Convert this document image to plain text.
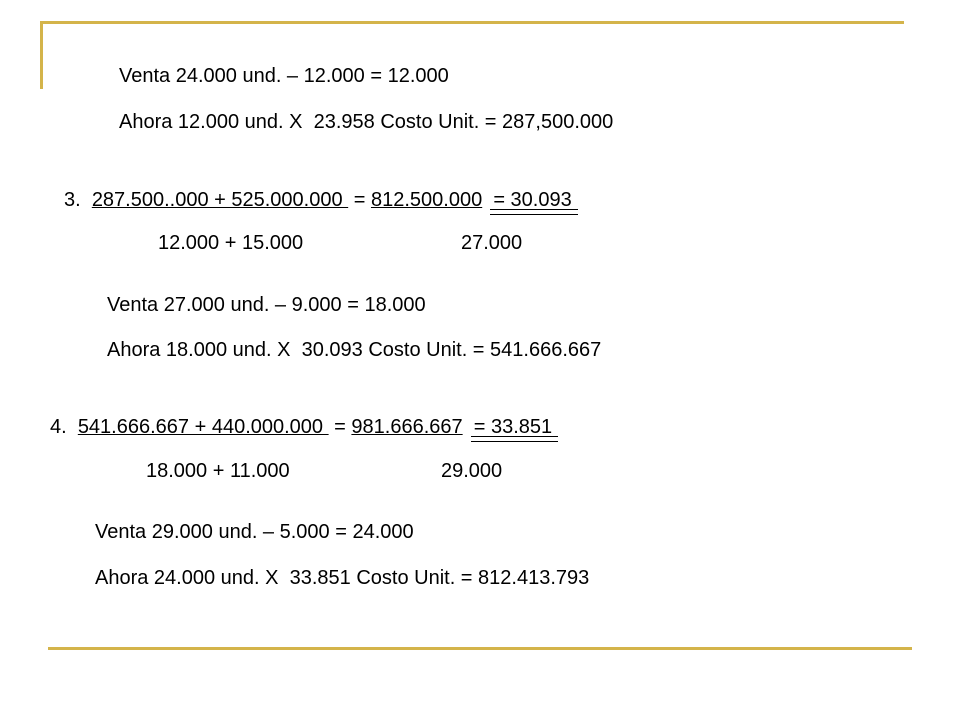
Venta 24.000 und. – 12.000 = 12.000
Ahora 12.000 und. X  23.958 Costo Unit. = 287,500.000
3. 287.500..000 + 525.000.000  = 812.500.000  = 30.093
12.000 + 15.000	27.000
Venta 27.000 und. – 9.000 = 18.000
Ahora 18.000 und. X  30.093 Costo Unit. = 541.666.667
4. 541.666.667 + 440.000.000  = 981.666.667  = 33.851
18.000 + 11.000	29.000
Venta 29.000 und. – 5.000 = 24.000
Ahora 24.000 und. X  33.851 Costo Unit. = 812.413.793
